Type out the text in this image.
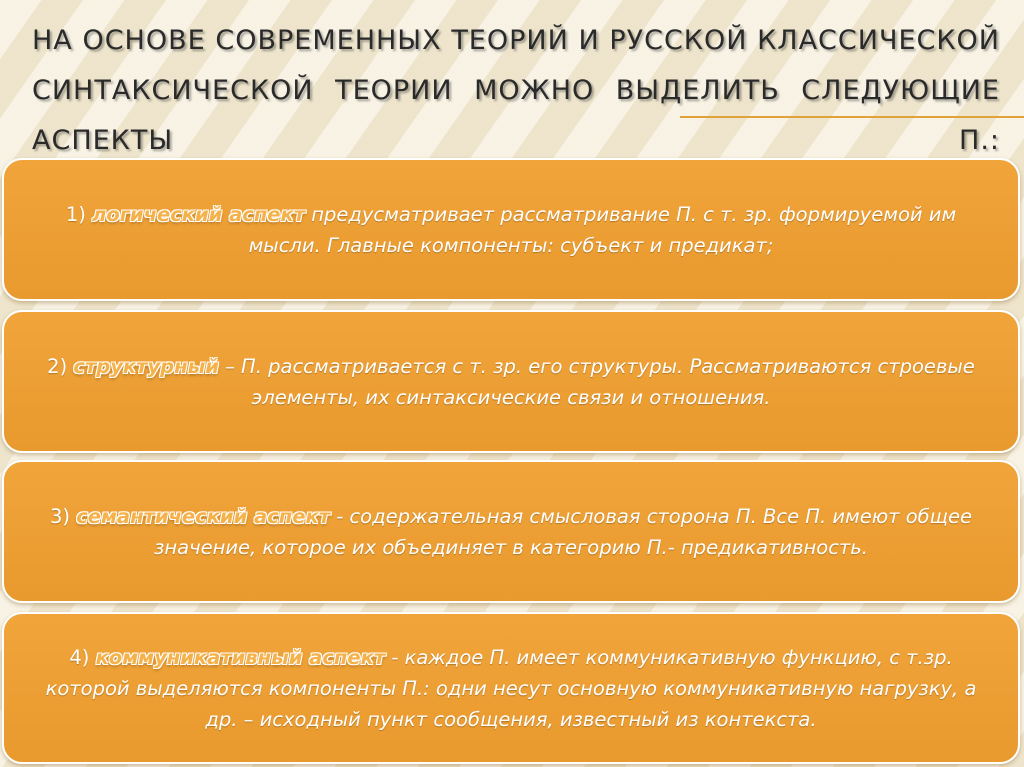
НА ОСНОВЕ СОВРЕМЕННЫХ ТЕОРИЙ И РУССКОЙ КЛАССИЧЕСКОЙ СИНТАКСИЧЕСКОЙ ТЕОРИИ МОЖНО ВЫДЕЛИТЬ СЛЕДУЮЩИЕ АСПЕКТЫ П.:
1) логический аспект предусматривает рассматривание П. с т. зр. формируемой им мысли. Главные компоненты: субъект и предикат;
2) структурный – П. рассматривается с т. зр. его структуры. Рассматриваются строевые элементы, их синтаксические связи и отношения.
3) семантический аспект - содержательная смысловая сторона П. Все П. имеют общее значение, которое их объединяет в категорию П.- предикативность.
4) коммуникативный аспект - каждое П. имеет коммуникативную функцию, с т.зр. которой выделяются компоненты П.: одни несут основную коммуникативную нагрузку, а др. – исходный пункт сообщения, известный из контекста.
